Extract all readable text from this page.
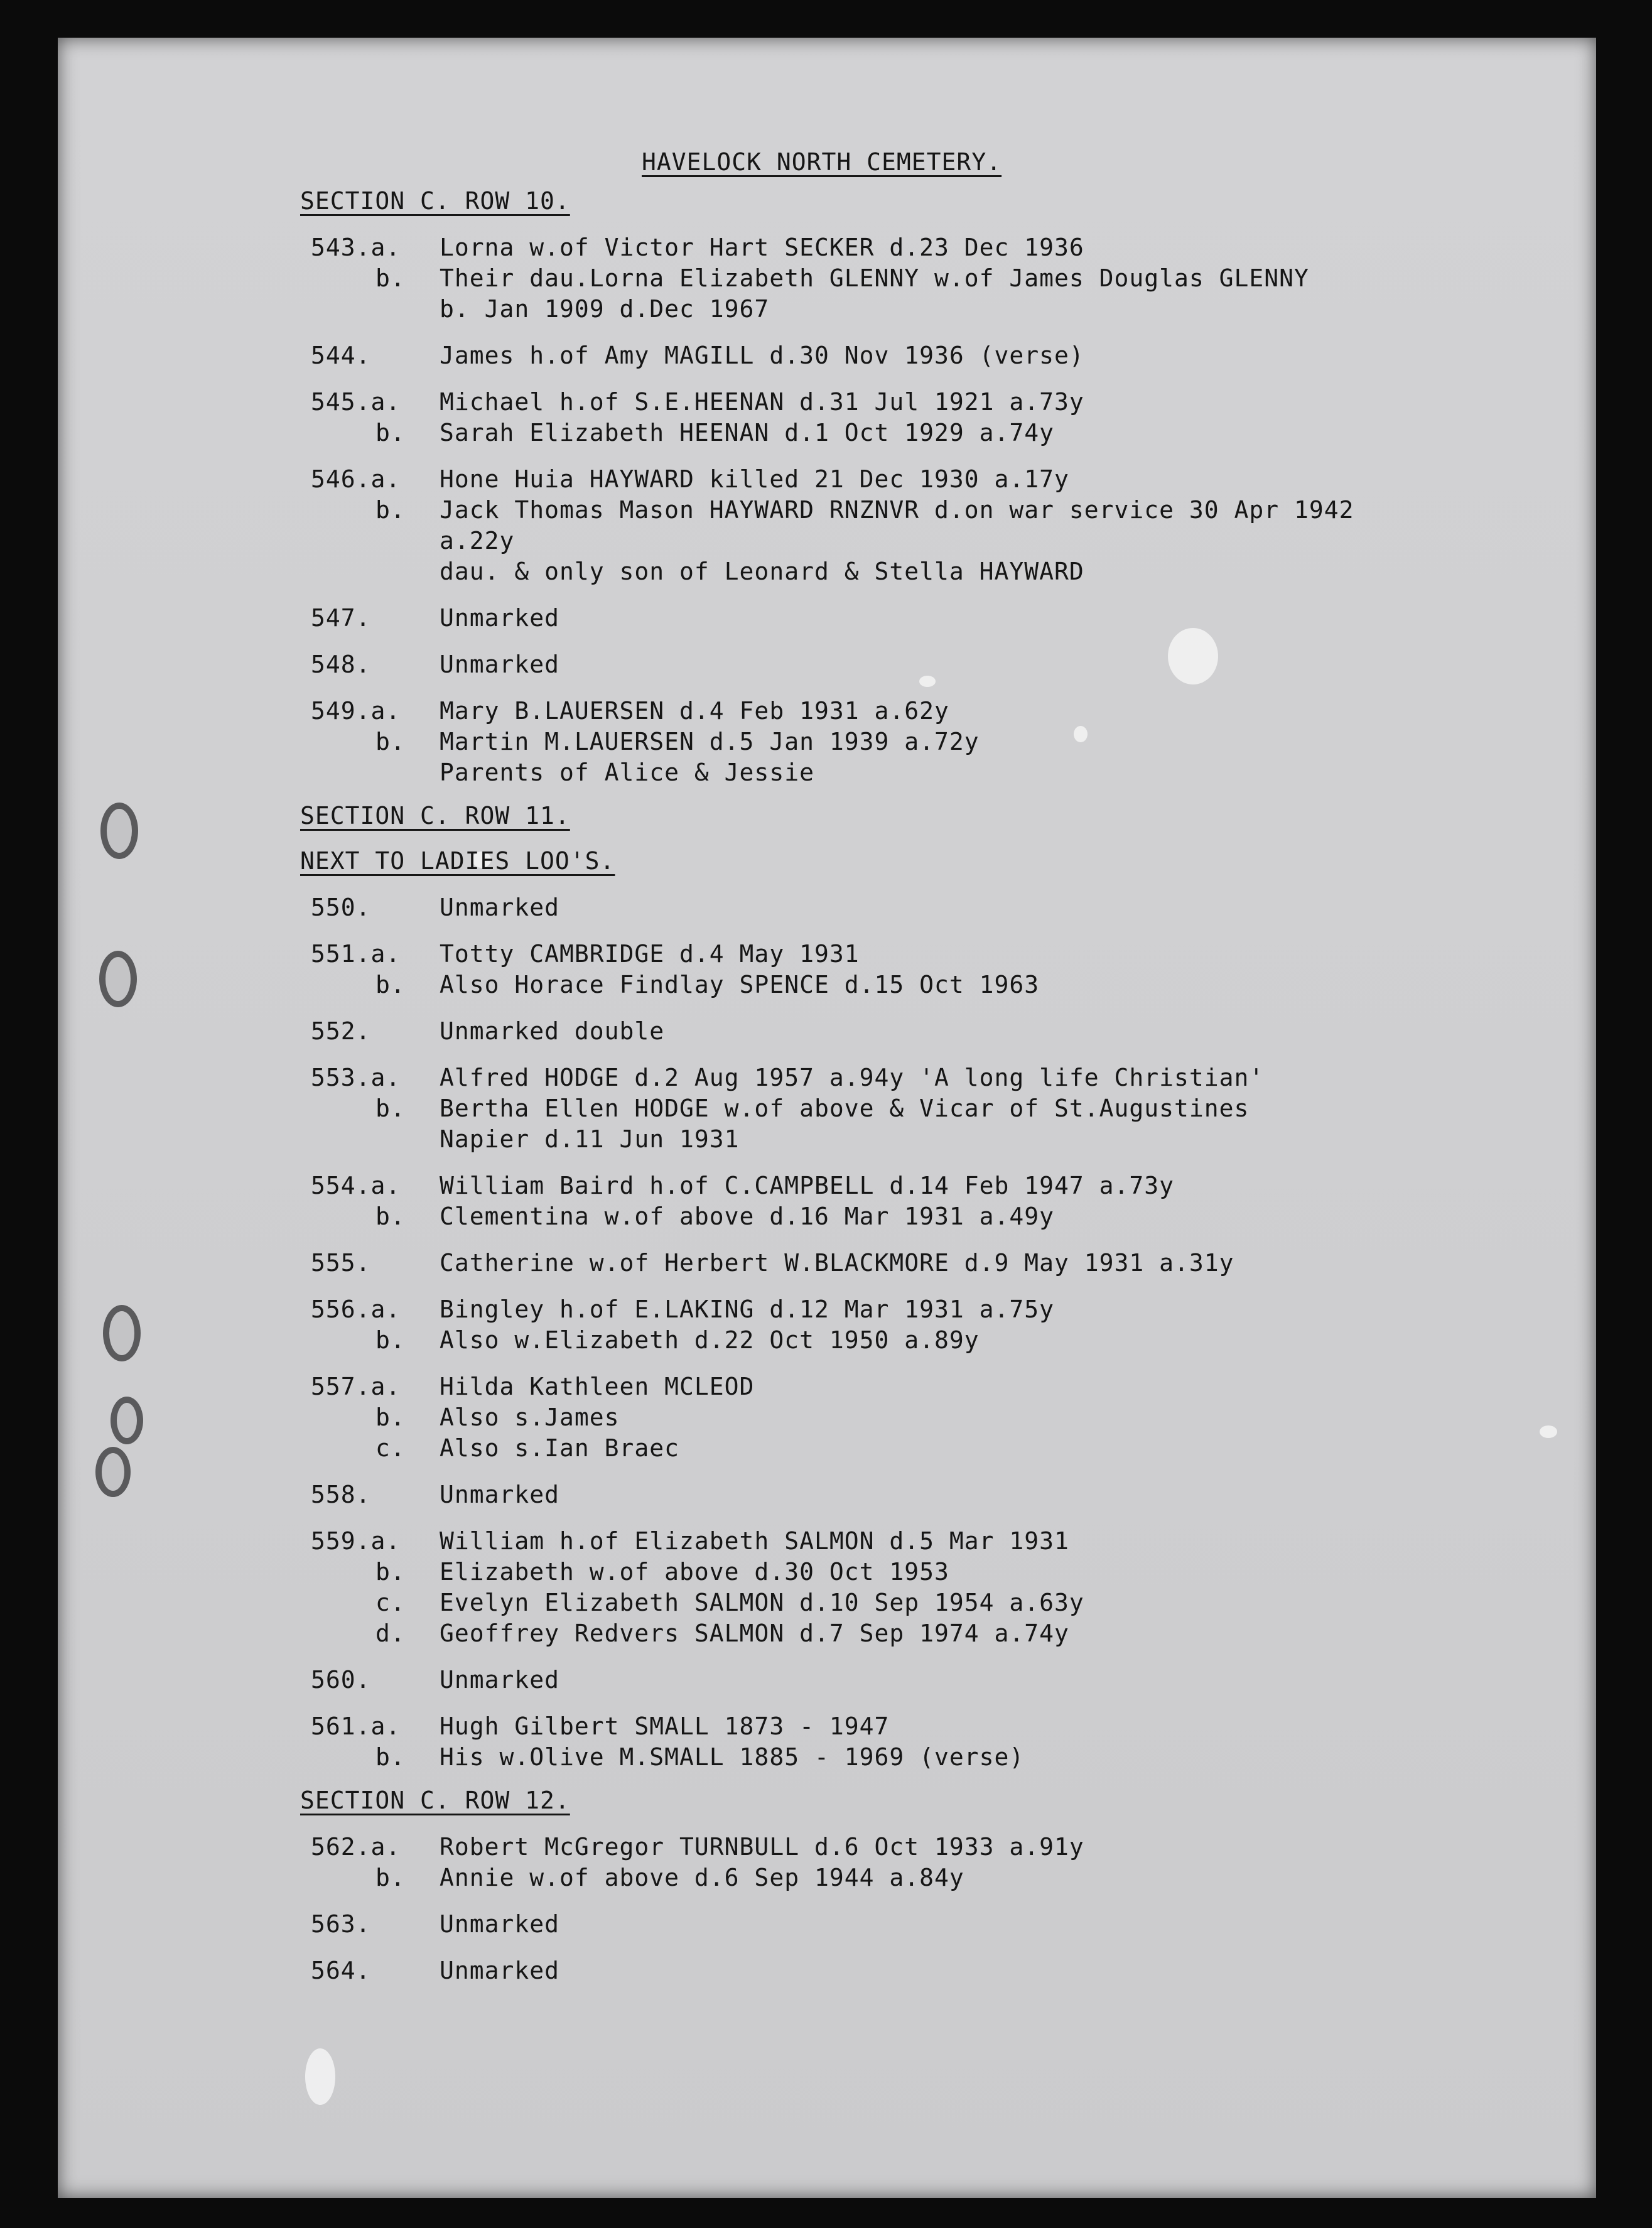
HAVELOCK NORTH CEMETERY.
SECTION C. ROW 10.
543.a. Lorna w.of Victor Hart SECKER d.23 Dec 1936
b. Their dau.Lorna Elizabeth GLENNY w.of James Douglas GLENNY
b. Jan 1909 d.Dec 1967
544.	James h.of Amy MAGILL d.30 Nov 1936 (verse)
545.a. Michael h.of S.E.HEENAN d.31 Jul 1921 a.73y
b. Sarah Elizabeth HEENAN d.1 Oct 1929 a.74y
546.a. Hone Huia HAYWARD killed 21 Dec 1930 a.17y
b. Jack Thomas Mason HAYWARD RNZNVR d.on war service 30 Apr 1942
a.22y
dau. & only son of Leonard & Stella HAYWARD
547.	Unmarked
548.	Unmarked
549.a. Mary B.LAUERSEN d.4 Feb 1931 a.62y
b. Martin M.LAUERSEN d.5 Jan 1939 a.72y
Parents of Alice & Jessie
SECTION C. ROW 11.
NEXT TO LADIES LOO'S.
550.	Unmarked
551.a. Totty CAMBRIDGE d.4 May 1931
b. Also Horace Findlay SPENCE d.15 Oct 1963
552.	Unmarked double
553.a. Alfred HODGE d.2 Aug 1957 a.94y 'A long life Christian'
b. Bertha Ellen HODGE w.of above & Vicar of St.Augustines
Napier d.11 Jun 1931
554.a. William Baird h.of C.CAMPBELL d.14 Feb 1947 a.73y
b. Clementina w.of above d.16 Mar 1931 a.49y
555.	Catherine w.of Herbert W.BLACKMORE d.9 May 1931 a.31y
556.a. Bingley h.of E.LAKING d.12 Mar 1931 a.75y
b. Also w.Elizabeth d.22 Oct 1950 a.89y
557.a. Hilda Kathleen MCLEOD
b. Also s.James
c. Also s.Ian Braec
558.	Unmarked
559.a. William h.of Elizabeth SALMON d.5 Mar 1931
b. Elizabeth w.of above d.30 Oct 1953
c. Evelyn Elizabeth SALMON d.10 Sep 1954 a.63y
d. Geoffrey Redvers SALMON d.7 Sep 1974 a.74y
560.	Unmarked
561.a. Hugh Gilbert SMALL 1873 - 1947
b. His w.Olive M.SMALL 1885 - 1969 (verse)
SECTION C. ROW 12.
562.a. Robert McGregor TURNBULL d.6 Oct 1933 a.91y
b. Annie w.of above d.6 Sep 1944 a.84y
563.	Unmarked
564.	Unmarked
